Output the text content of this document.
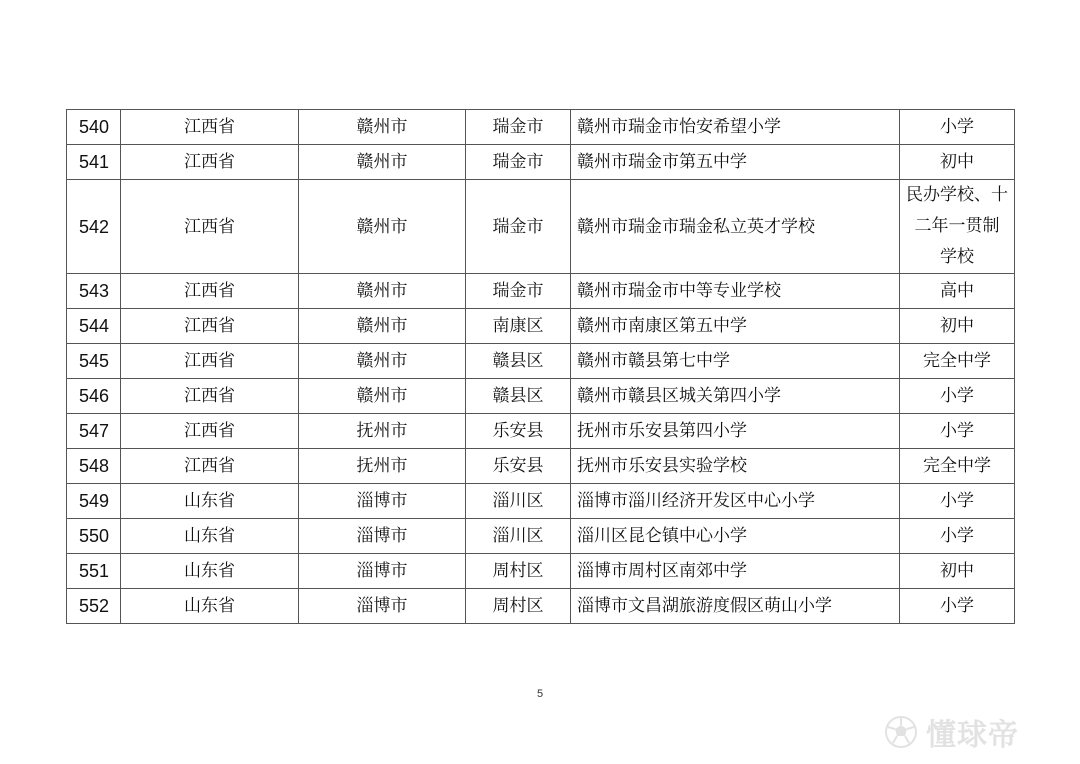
540	江西省	赣州市	瑞金市	赣州市瑞金市怡安希望小学	小学
541	江西省	赣州市	瑞金市	赣州市瑞金市第五中学	初中
542	江西省	赣州市	瑞金市	赣州市瑞金市瑞金私立英才学校	民办学校、十
二年一贯制
学校

543	江西省	赣州市	瑞金市	赣州市瑞金市中等专业学校	高中
544	江西省	赣州市	南康区	赣州市南康区第五中学	初中
545	江西省	赣州市	赣县区	赣州市赣县第七中学	完全中学
546	江西省	赣州市	赣县区	赣州市赣县区城关第四小学	小学
547	江西省	抚州市	乐安县	抚州市乐安县第四小学	小学
548	江西省	抚州市	乐安县	抚州市乐安县实验学校	完全中学
549	山东省	淄博市	淄川区	淄博市淄川经济开发区中心小学	小学
550	山东省	淄博市	淄川区	淄川区昆仑镇中心小学	小学
551	山东省	淄博市	周村区	淄博市周村区南郊中学	初中
552	山东省	淄博市	周村区	淄博市文昌湖旅游度假区萌山小学	小学
5
懂球帝
